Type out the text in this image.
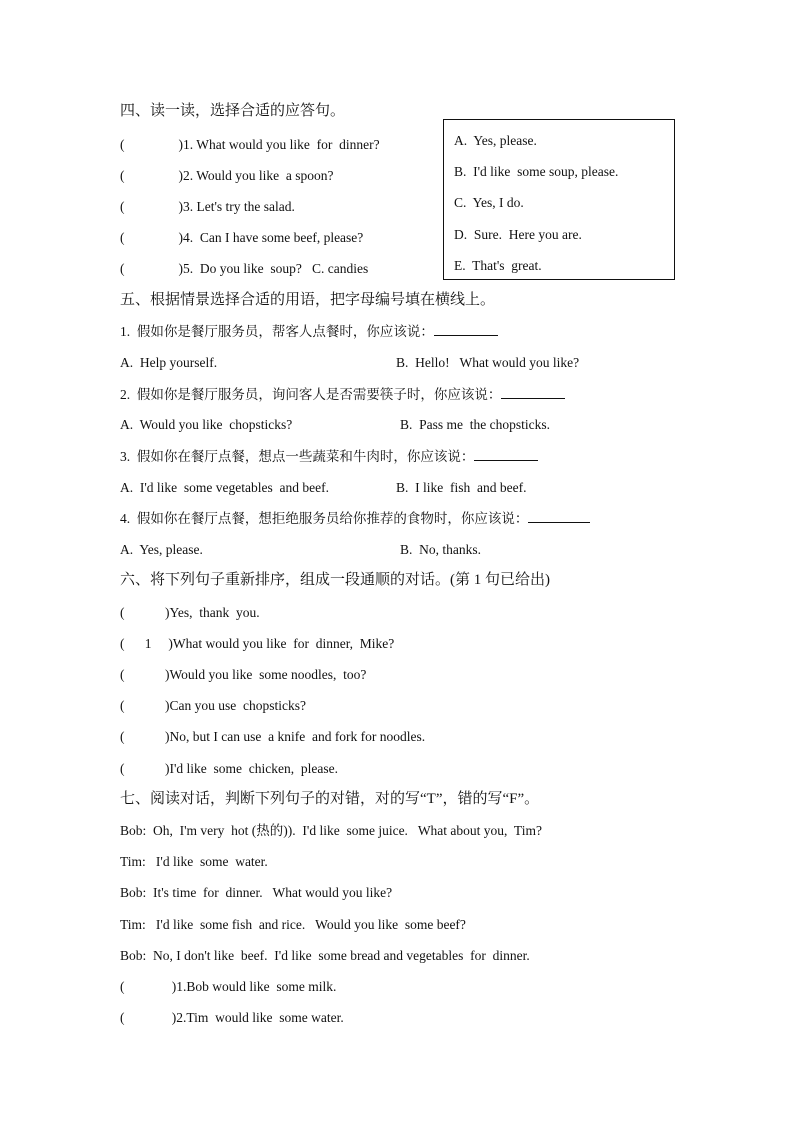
四、读一读，选择合适的应答句。
(                )1. What would you like  for  dinner?
(                )2. Would you like  a spoon?
(                )3. Let's try the salad.
(                )4.  Can I have some beef, please?
(                )5.  Do you like  soup?   C. candies
A.  Yes, please.
B.  I'd like  some soup, please.
C.  Yes, I do.
D.  Sure.  Here you are.
E.  That's  great.
五、根据情景选择合适的用语，把字母编号填在横线上。
1.  假如你是餐厅服务员，帮客人点餐时，你应该说：
A.  Help yourself.	B.  Hello!   What would you like?
2.  假如你是餐厅服务员，询问客人是否需要筷子时，你应该说：
A.  Would you like  chopsticks?	B.  Pass me  the chopsticks.
3.  假如你在餐厅点餐，想点一些蔬菜和牛肉时，你应该说：
A.  I'd like  some vegetables  and beef.	B.  I like  fish  and beef.
4.  假如你在餐厅点餐，想拒绝服务员给你推荐的食物时，你应该说：
A.  Yes, please.	B.  No, thanks.
六、将下列句子重新排序，组成一段通顺的对话。(第 1 句已给出)
(            )Yes,  thank  you.
(      1     )What would you like  for  dinner,  Mike?
(            )Would you like  some noodles,  too?
(            )Can you use  chopsticks?
(            )No, but I can use  a knife  and fork for noodles.
(            )I'd like  some  chicken,  please.
七、阅读对话，判断下列句子的对错，对的写“T”，错的写“F”。
Bob:  Oh,  I'm very  hot (热的)).  I'd like  some juice.   What about you,  Tim?
Tim:   I'd like  some  water.
Bob:  It's time  for  dinner.   What would you like?
Tim:   I'd like  some fish  and rice.   Would you like  some beef?
Bob:  No, I don't like  beef.  I'd like  some bread and vegetables  for  dinner.
(              )1.Bob would like  some milk.
(              )2.Tim  would like  some water.
